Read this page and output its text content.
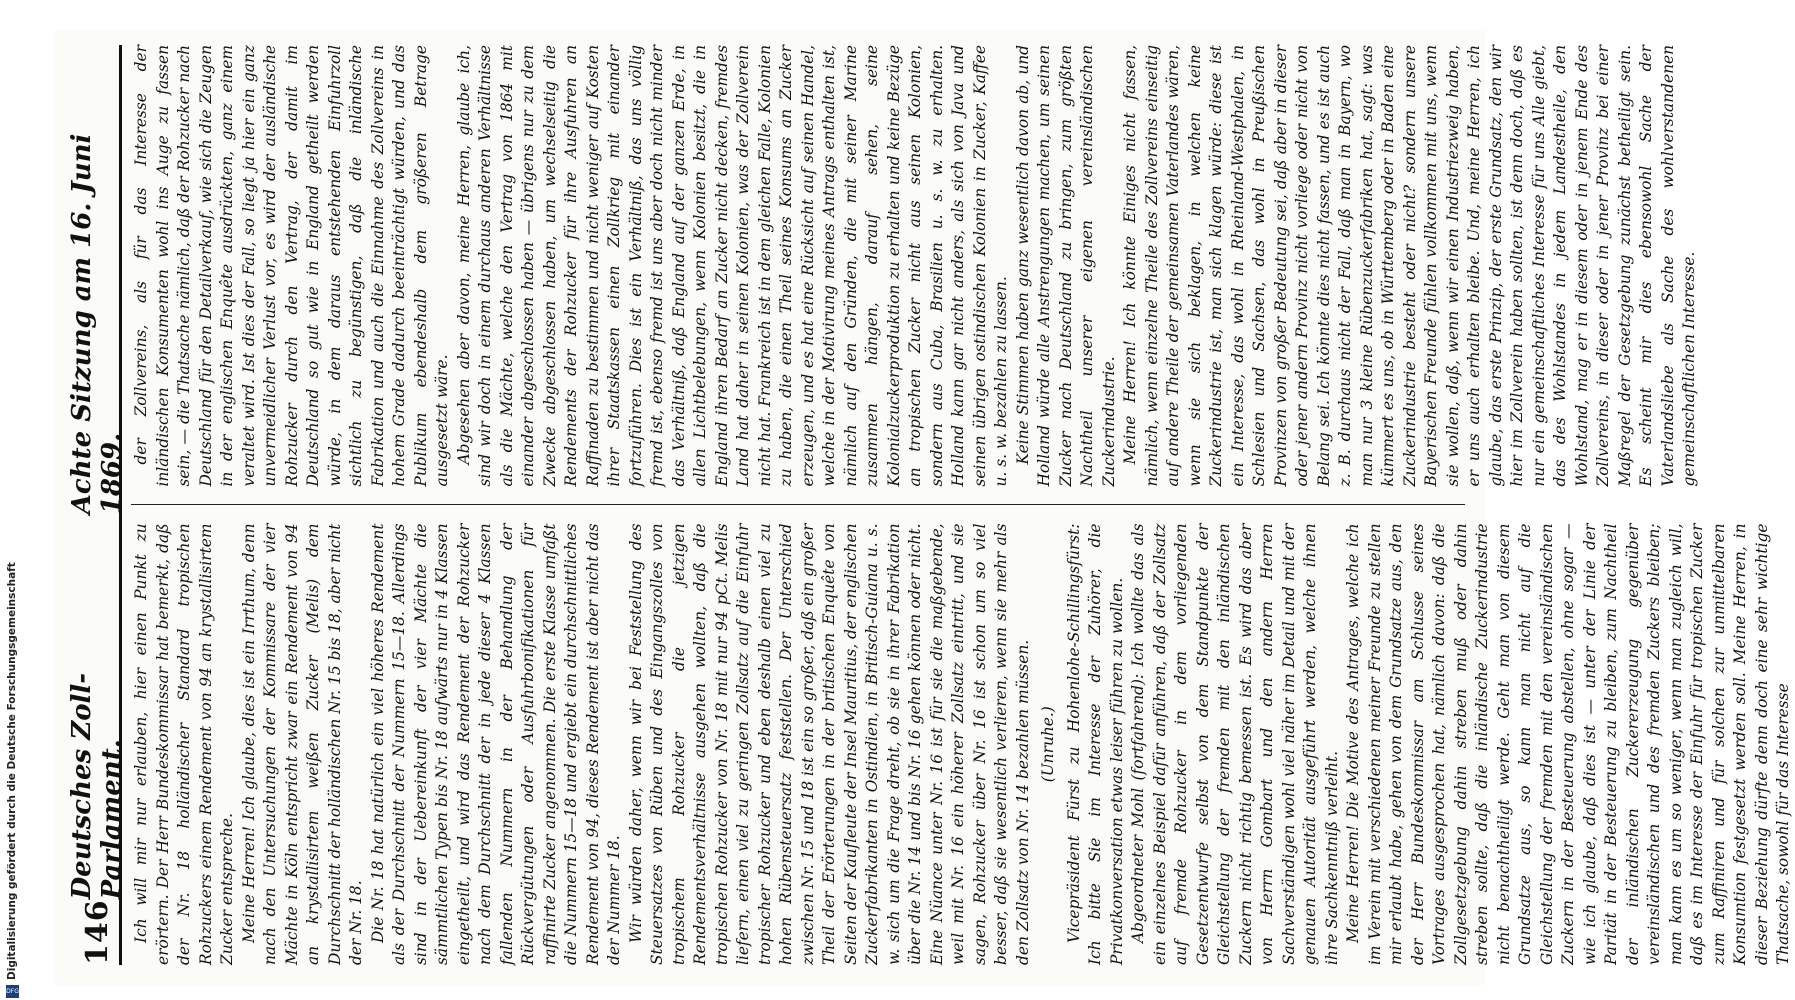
Digitalisierung gefördert durch die Deutsche Forschungsgemeinschaft
DFG
146
Deutsches Zoll-Parlament.
Achte Sitzung am 16. Juni 1869.

Ich will mir nur erlauben, hier einen Punkt zu erörtern. Der Herr Bundeskommissar hat bemerkt, daß der Nr. 18 holländischer Standard tropischen Rohzuckers einem Rendement von 94 an krystallisirtem Zucker entspreche. Meine Herren! Ich glaube, dies ist ein Irrthum, denn nach den Untersuchungen der Kommissare der vier Mächte in Köln entspricht zwar ein Rendement von 94 an krystallisirtem weißen Zucker (Melis) dem Durchschnitt der holländischen Nr. 15 bis 18, aber nicht der Nr. 18. Die Nr. 18 hat natürlich ein viel höheres Rendement als der Durchschnitt der Nummern 15—18. Allerdings sind in der Uebereinkunft der vier Mächte die sämmtlichen Typen bis Nr. 18 aufwärts nur in 4 Klassen eingetheilt, und wird das Rendement der Rohzucker nach dem Durchschnitt der in jede dieser 4 Klassen fallenden Nummern in der Behandlung der Rückvergütungen oder Ausfuhrbonifikationen für raffinirte Zucker angenommen. Die erste Klasse umfaßt die Nummern 15—18 und ergiebt ein durchschnittliches Rendement von 94, dieses Rendement ist aber nicht das der Nummer 18. Wir würden daher, wenn wir bei Feststellung des Steuersatzes von Rüben und des Eingangszolles von tropischem Rohzucker die jetzigen Rendementsverhältnisse ausgehen wollten, daß die tropischen Rohzucker von Nr. 18 mit nur 94 pCt. Melis liefern, einen viel zu geringen Zollsatz auf die Einfuhr tropischer Rohzucker und eben deshalb einen viel zu hohen Rübensteuersatz feststellen. Der Unterschied zwischen Nr. 15 und 18 ist ein so großer, daß ein großer Theil der Erörterungen in der britischen Enquête von Seiten der Kaufleute der Insel Mauritius, der englischen Zuckerfabrikanten in Ostindien, in Britisch-Guiana u. s. w. sich um die Frage dreht, ob sie in ihrer Fabrikation über die Nr. 14 und bis Nr. 16 gehen können oder nicht. Eine Nüance unter Nr. 16 ist für sie die maßgebende, weil mit Nr. 16 ein höherer Zollsatz eintritt, und sie sagen, Rohzucker über Nr. 16 ist schon um so viel besser, daß sie wesentlich verlieren, wenn sie mehr als den Zollsatz von Nr. 14 bezahlen müssen. (Unruhe.) Vicepräsident Fürst zu Hohenlohe-Schillingsfürst: Ich bitte Sie im Interesse der Zuhörer, die Privatkonversation etwas leiser führen zu wollen. Abgeordneter Mohl (fortfahrend): Ich wollte das als ein einzelnes Beispiel dafür anführen, daß der Zollsatz auf fremde Rohzucker in dem vorliegenden Gesetzentwurfe selbst von dem Standpunkte der Gleichstellung der fremden mit den inländischen Zuckern nicht richtig bemessen ist. Es wird das aber von Herrn Gombart und den andern Herren Sachverständigen wohl viel näher im Detail und mit der genauen Autorität ausgeführt werden, welche ihnen ihre Sachkenntniß verleiht. Meine Herren! Die Motive des Antrages, welche ich im Verein mit verschiedenen meiner Freunde zu stellen mir erlaubt habe, gehen von dem Grundsatze aus, den der Herr Bundeskommissar am Schlusse seines Vortrages ausgesprochen hat, nämlich davon: daß die Zollgesetzgebung dahin streben muß oder dahin streben sollte, daß die inländische Zuckerindustrie nicht benachtheiligt werde. Geht man von diesem Grundsatze aus, so kann man nicht auf die Gleichstellung der fremden mit den vereinsländischen Zuckern in der Besteuerung abstellen, ohne sogar — wie ich glaube, daß dies ist — unter der Linie der Parität in der Besteuerung zu bleiben, zum Nachtheil der inländischen Zuckererzeugung gegenüber vereinsländischen und des fremden Zuckers bleiben; man kann es um so weniger, wenn man zugleich will, daß es im Interesse der Einfuhr für tropischen Zucker zum Raffiniren und für solchen zur unmittelbaren Konsumtion festgesetzt werden soll. Meine Herren, in dieser Beziehung dürfte denn doch eine sehr wichtige Thatsache, sowohl für das Interesse

der Zollvereins, als für das Interesse der inländischen Konsumenten wohl ins Auge zu fassen sein, — die Thatsache nämlich, daß der Rohzucker nach Deutschland für den Detailverkauf, wie sich die Zeugen in der englischen Enquête ausdrückten, ganz einem veraltet wird. Ist dies der Fall, so liegt ja hier ein ganz unvermeidlicher Verlust vor, es wird der ausländische Rohzucker durch den Vertrag, der damit im Deutschland so gut wie in England getheilt werden würde, in dem daraus entstehenden Einfuhrzoll sichtlich zu begünstigen, daß die inländische Fabrikation und auch die Einnahme des Zollvereins in hohem Grade dadurch beeinträchtigt würden, und das Publikum ebendeshalb dem größeren Betrage ausgesetzt wäre. Abgesehen aber davon, meine Herren, glaube ich, sind wir doch in einem durchaus anderen Verhältnisse als die Mächte, welche den Vertrag von 1864 mit einander abgeschlossen haben — übrigens nur zu dem Zwecke abgeschlossen haben, um wechselseitig die Rendements der Rohzucker für ihre Ausfuhren an Raffinaden zu bestimmen und nicht weniger auf Kosten ihrer Staatskassen einen Zollkrieg mit einander fortzuführen. Dies ist ein Verhältniß, das uns völlig fremd ist, ebenso fremd ist uns aber doch nicht minder das Verhältniß, daß England auf der ganzen Erde, in allen Lichtbelebungen, wenn Kolonien besitzt, die in England ihren Bedarf an Zucker nicht decken, fremdes Land hat daher in seinen Kolonien, was der Zollverein nicht hat. Frankreich ist in dem gleichen Falle, Kolonien zu haben, die einen Theil seines Konsums an Zucker erzeugen, und es hat eine Rücksicht auf seinen Handel, welche in der Motivirung meines Antrags enthalten ist, nämlich auf den Gründen, die mit seiner Marine zusammen hängen, darauf sehen, seine Kolonialzuckerproduktion zu erhalten und keine Bezüge an tropischen Zucker nicht aus seinen Kolonien, sondern aus Cuba, Brasilien u. s. w. zu erhalten. Holland kann gar nicht anders, als sich von Java und seinen übrigen ostindischen Kolonien in Zucker, Kaffee u. s. w. bezahlen zu lassen. Keine Stimmen haben ganz wesentlich davon ab, und Holland würde alle Anstrengungen machen, um seinen Zucker nach Deutschland zu bringen, zum größten Nachtheil unserer eigenen vereinsländischen Zuckerindustrie. Meine Herren! Ich könnte Einiges nicht fassen, nämlich, wenn einzelne Theile des Zollvereins einseitig auf andere Theile der gemeinsamen Vaterlandes wären, wenn sie sich beklagen, in welchen keine Zuckerindustrie ist, man sich klagen würde: diese ist ein Interesse, das wohl in Rheinland-Westphalen, in Schlesien und Sachsen, das wohl in Preußischen Provinzen von großer Bedeutung sei, daß aber in dieser oder jener andern Provinz nicht vorliege oder nicht von Belang sei. Ich könnte dies nicht fassen, und es ist auch z. B. durchaus nicht der Fall, daß man in Bayern, wo man nur 3 kleine Rübenzuckerfabriken hat, sagt: was kümmert es uns, ob in Württemberg oder in Baden eine Zuckerindustrie besteht oder nicht? sondern unsere Bayerischen Freunde fühlen vollkommen mit uns, wenn sie wollen, daß, wenn wir einen Industriezweig haben, er uns auch erhalten bleibe. Und, meine Herren, ich glaube, das erste Prinzip, der erste Grundsatz, den wir hier im Zollverein haben sollten, ist denn doch, daß es nur ein gemeinschaftliches Interesse für uns Alle giebt, das des Wohlstandes in jedem Landestheile, den Wohlstand, mag er in diesem oder in jenem Ende des Zollvereins, in dieser oder in jener Provinz bei einer Maßregel der Gesetzgebung zunächst betheiligt sein. Es scheint mir dies ebensowohl Sache der Vaterlandsliebe als Sache des wohlverstandenen gemeinschaftlichen Interesse.
